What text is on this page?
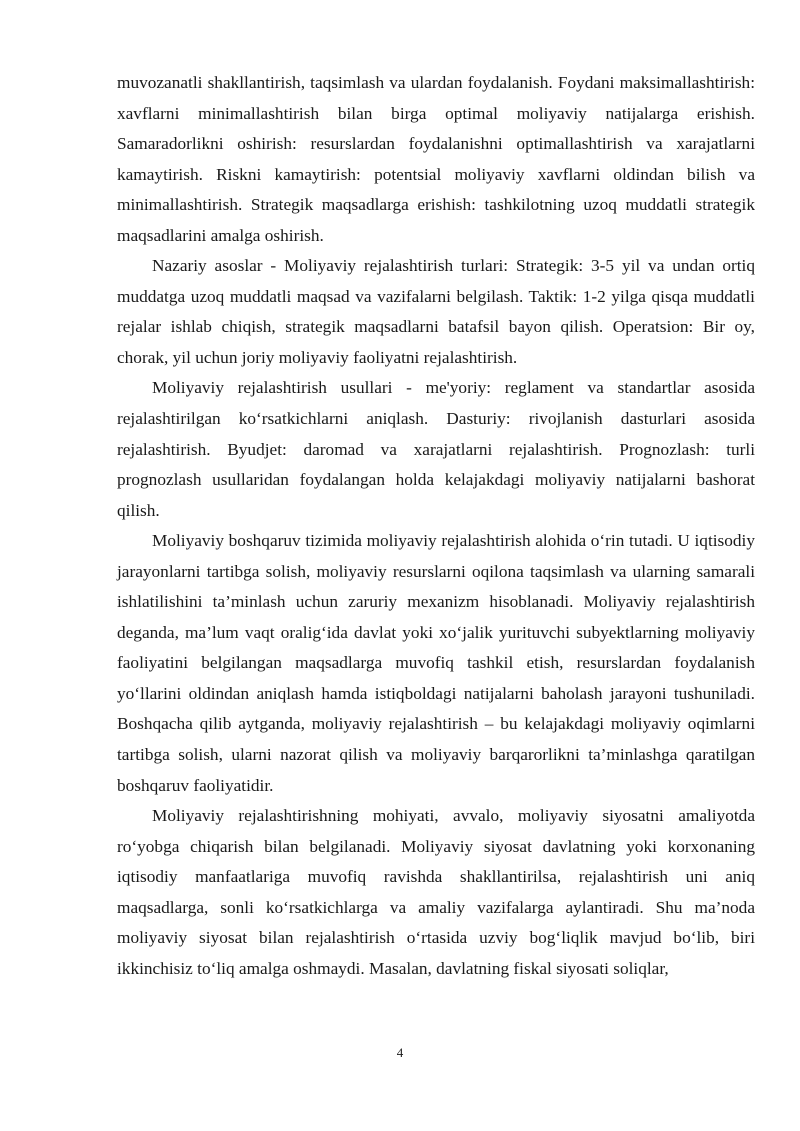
muvozanatli shakllantirish, taqsimlash va ulardan foydalanish. Foydani maksimallashtirish: xavflarni minimallashtirish bilan birga optimal moliyaviy natijalarga erishish. Samaradorlikni oshirish: resurslardan foydalanishni optimallashtirish va xarajatlarni kamaytirish. Riskni kamaytirish: potentsial moliyaviy xavflarni oldindan bilish va minimallashtirish. Strategik maqsadlarga erishish: tashkilotning uzoq muddatli strategik maqsadlarini amalga oshirish.

Nazariy asoslar - Moliyaviy rejalashtirish turlari: Strategik: 3-5 yil va undan ortiq muddatga uzoq muddatli maqsad va vazifalarni belgilash. Taktik: 1-2 yilga qisqa muddatli rejalar ishlab chiqish, strategik maqsadlarni batafsil bayon qilish. Operatsion: Bir oy, chorak, yil uchun joriy moliyaviy faoliyatni rejalashtirish.

Moliyaviy rejalashtirish usullari - me'yoriy: reglament va standartlar asosida rejalashtirilgan ko‘rsatkichlarni aniqlash. Dasturiy: rivojlanish dasturlari asosida rejalashtirish. Byudjet: daromad va xarajatlarni rejalashtirish. Prognozlash: turli prognozlash usullaridan foydalangan holda kelajakdagi moliyaviy natijalarni bashorat qilish.

Moliyaviy boshqaruv tizimida moliyaviy rejalashtirish alohida o‘rin tutadi. U iqtisodiy jarayonlarni tartibga solish, moliyaviy resurslarni oqilona taqsimlash va ularning samarali ishlatilishini ta’minlash uchun zaruriy mexanizm hisoblanadi. Moliyaviy rejalashtirish deganda, ma’lum vaqt oralig‘ida davlat yoki xo‘jalik yurituvchi subyektlarning moliyaviy faoliyatini belgilangan maqsadlarga muvofiq tashkil etish, resurslardan foydalanish yo‘llarini oldindan aniqlash hamda istiqboldagi natijalarni baholash jarayoni tushuniladi. Boshqacha qilib aytganda, moliyaviy rejalashtirish – bu kelajakdagi moliyaviy oqimlarni tartibga solish, ularni nazorat qilish va moliyaviy barqarorlikni ta’minlashga qaratilgan boshqaruv faoliyatidir.

Moliyaviy rejalashtirishning mohiyati, avvalo, moliyaviy siyosatni amaliyotda ro‘yobga chiqarish bilan belgilanadi. Moliyaviy siyosat davlatning yoki korxonaning iqtisodiy manfaatlariga muvofiq ravishda shakllantirilsa, rejalashtirish uni aniq maqsadlarga, sonli ko‘rsatkichlarga va amaliy vazifalarga aylantiradi. Shu ma’noda moliyaviy siyosat bilan rejalashtirish o‘rtasida uzviy bog‘liqlik mavjud bo‘lib, biri ikkinchisiz to‘liq amalga oshmaydi. Masalan, davlatning fiskal siyosati soliqlar,

4
